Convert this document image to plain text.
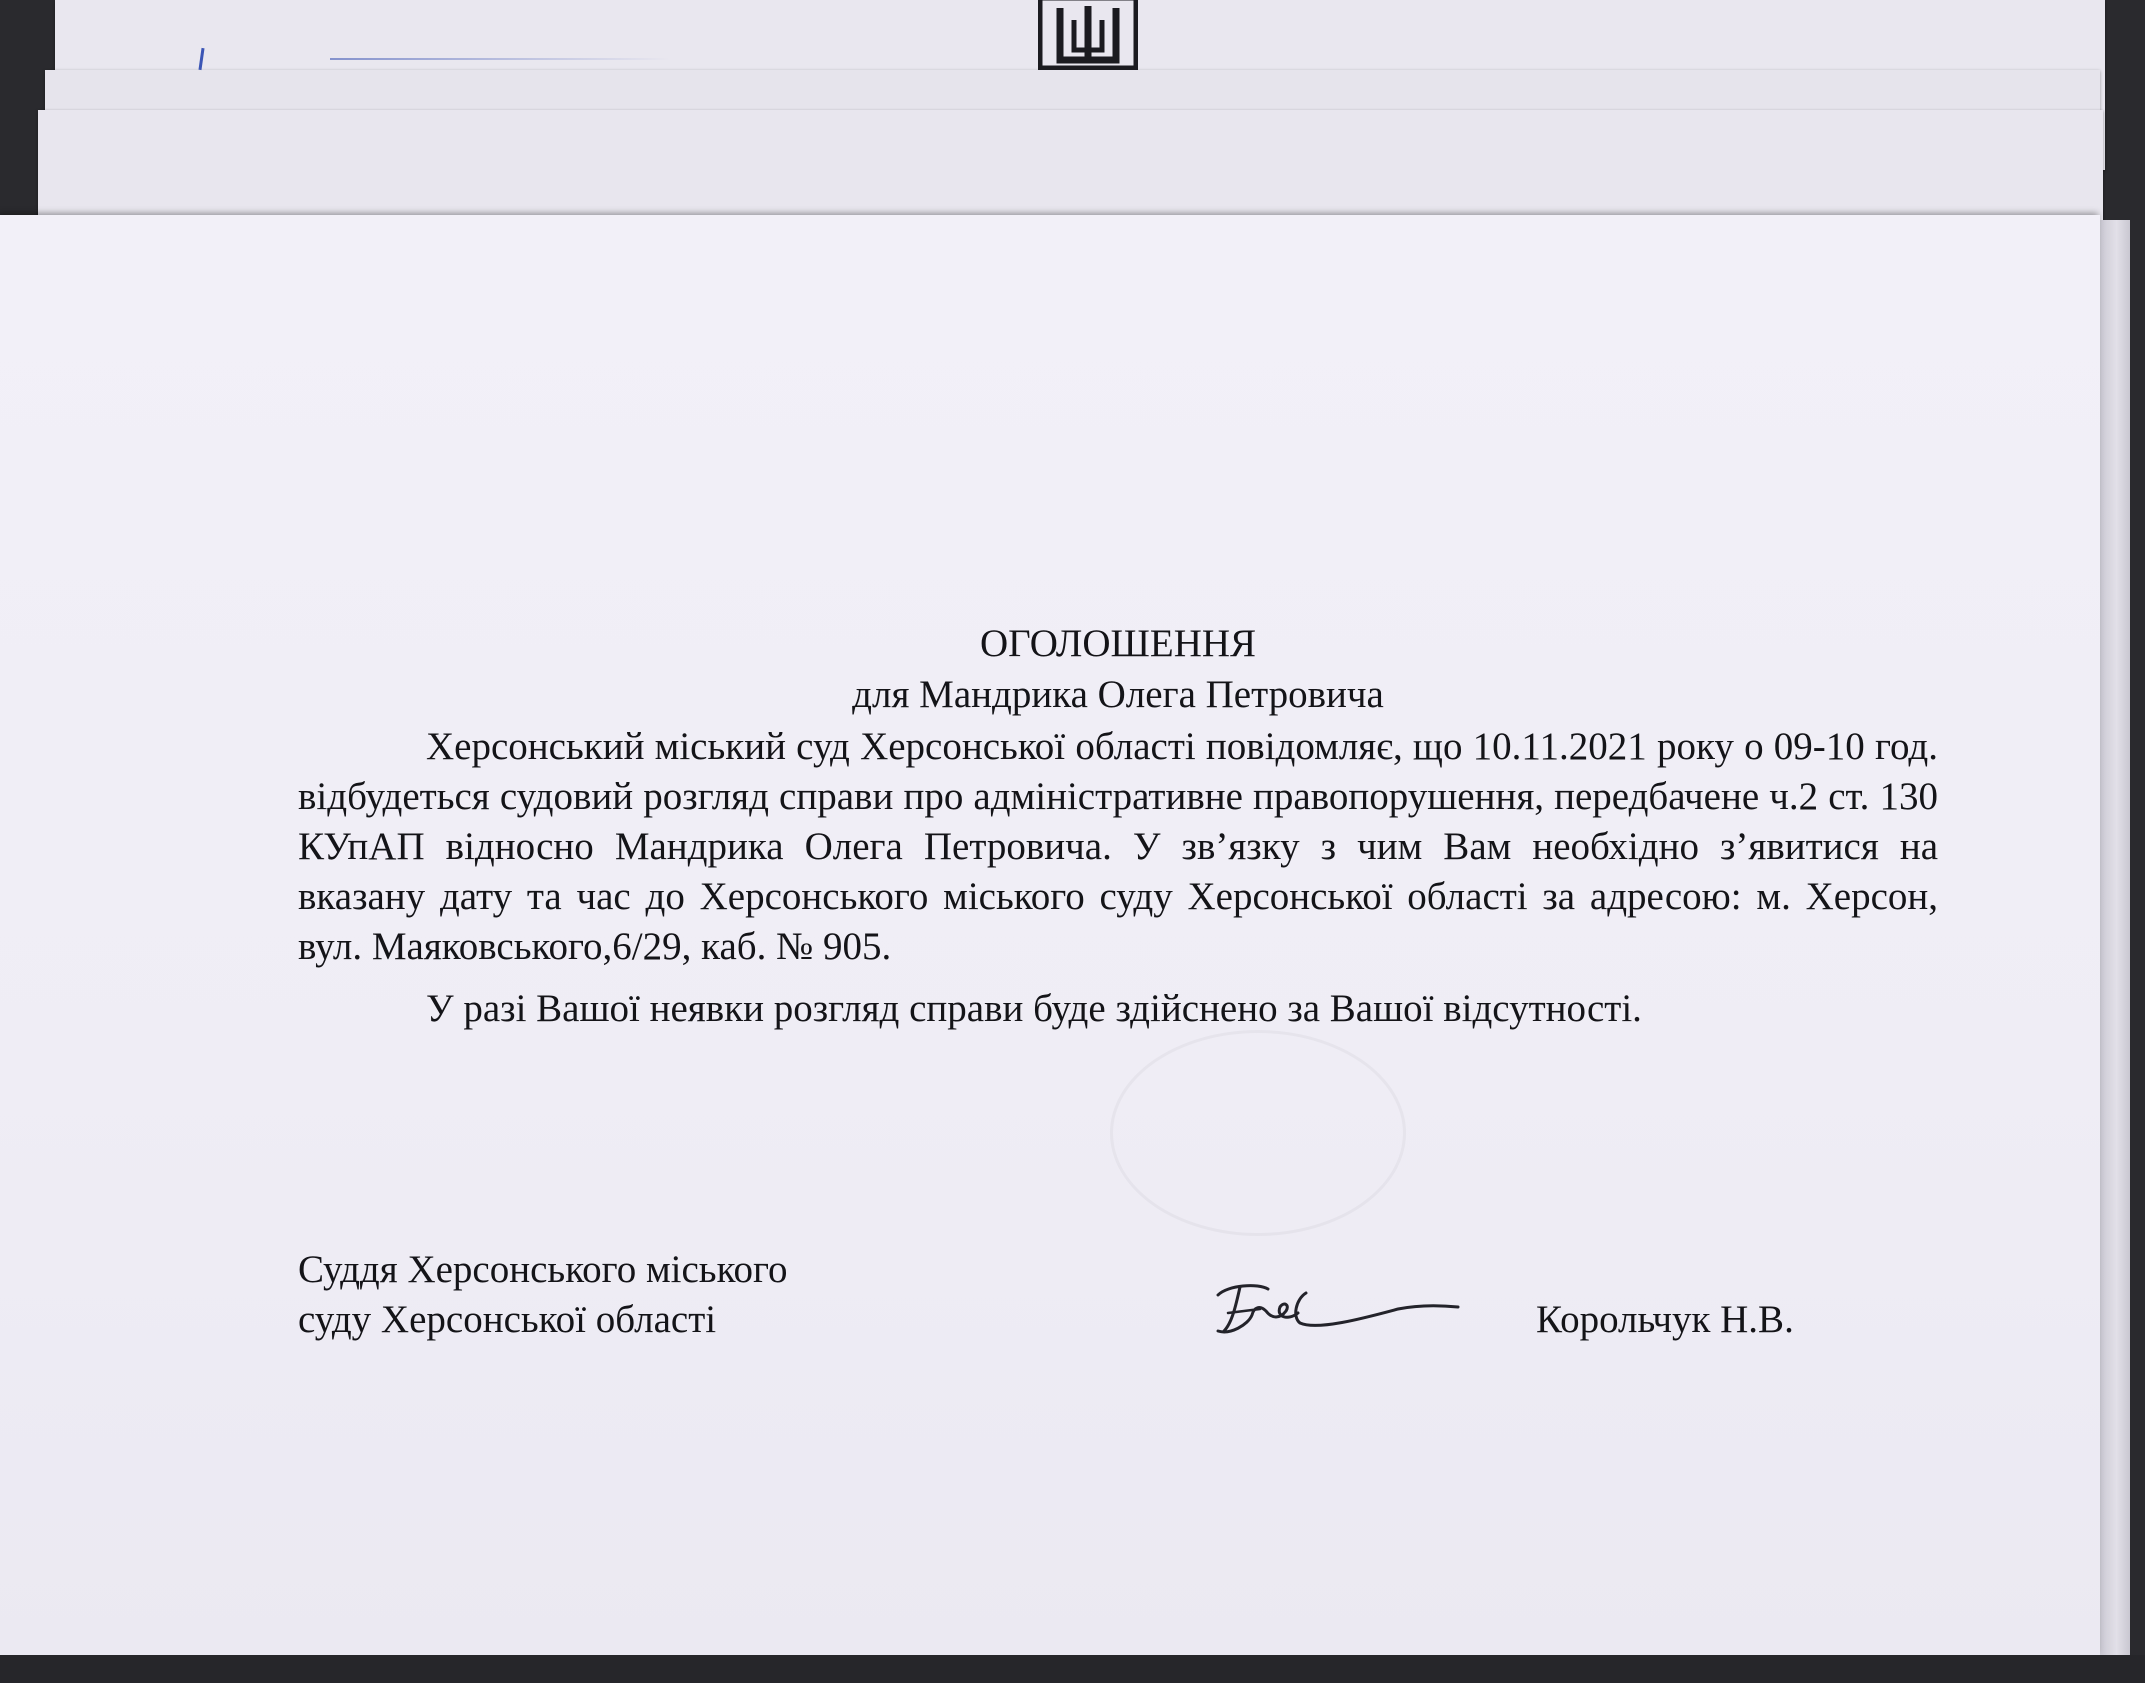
ОГОЛОШЕННЯ

для Мандрика Олега Петровича

Херсонський міський суд Херсонської області повідомляє, що 10.11.2021 року о 09-10 год. відбудеться судовий розгляд справи про адміністративне правопорушення, передбачене ч.2 ст. 130 КУпАП відносно Мандрика Олега Петровича. У зв’язку з чим Вам необхідно з’явитися на вказану дату та час до Херсонського міського суду Херсонської області за адресою: м. Херсон, вул. Маяковського,6/29, каб. № 905.

У разі Вашої неявки розгляд справи буде здійснено за Вашої відсутності.

Суддя Херсонського міського
суду Херсонської області	Корольчук Н.В.
